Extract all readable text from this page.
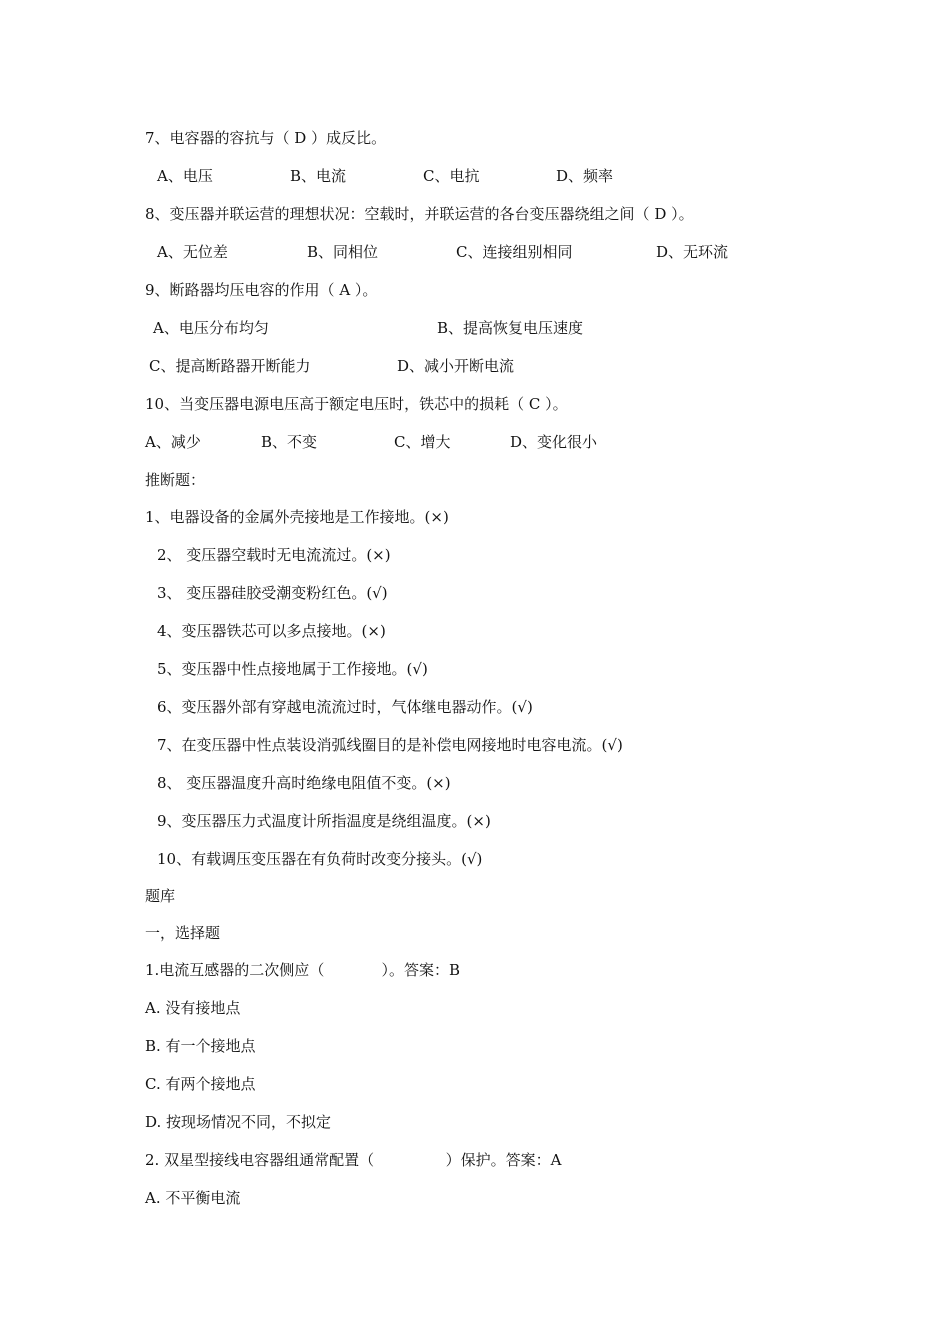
7、电容器的容抗与（ D ）成反比。
A、电压	B、电流	C、电抗	D、频率
8、变压器并联运营的理想状况：空载时，并联运营的各台变压器绕组之间（ D ）。
A、无位差	B、同相位	C、连接组别相同	D、无环流
9、断路器均压电容的作用（ A ）。
A、电压分布均匀	B、提高恢复电压速度
C、提高断路器开断能力	D、减小开断电流
10、当变压器电源电压高于额定电压时，铁芯中的损耗（ C ）。
A、减少	B、不变	C、增大	D、变化很小
推断题：
1、电器设备的金属外壳接地是工作接地。(×)
2、 变压器空载时无电流流过。(×)
3、 变压器硅胶受潮变粉红色。(√)
4、变压器铁芯可以多点接地。(×)
5、变压器中性点接地属于工作接地。(√)
6、变压器外部有穿越电流流过时，气体继电器动作。(√)
7、在变压器中性点装设消弧线圈目的是补偿电网接地时电容电流。(√)
8、 变压器温度升高时绝缘电阻值不变。(×)
9、变压器压力式温度计所指温度是绕组温度。(×)
10、有载调压变压器在有负荷时改变分接头。(√)
题库
一，选择题
1.电流互感器的二次侧应（            ）。答案：B
A. 没有接地点
B. 有一个接地点
C. 有两个接地点
D. 按现场情况不同，不拟定
2. 双星型接线电容器组通常配置（               ）保护。答案：A
A. 不平衡电流
